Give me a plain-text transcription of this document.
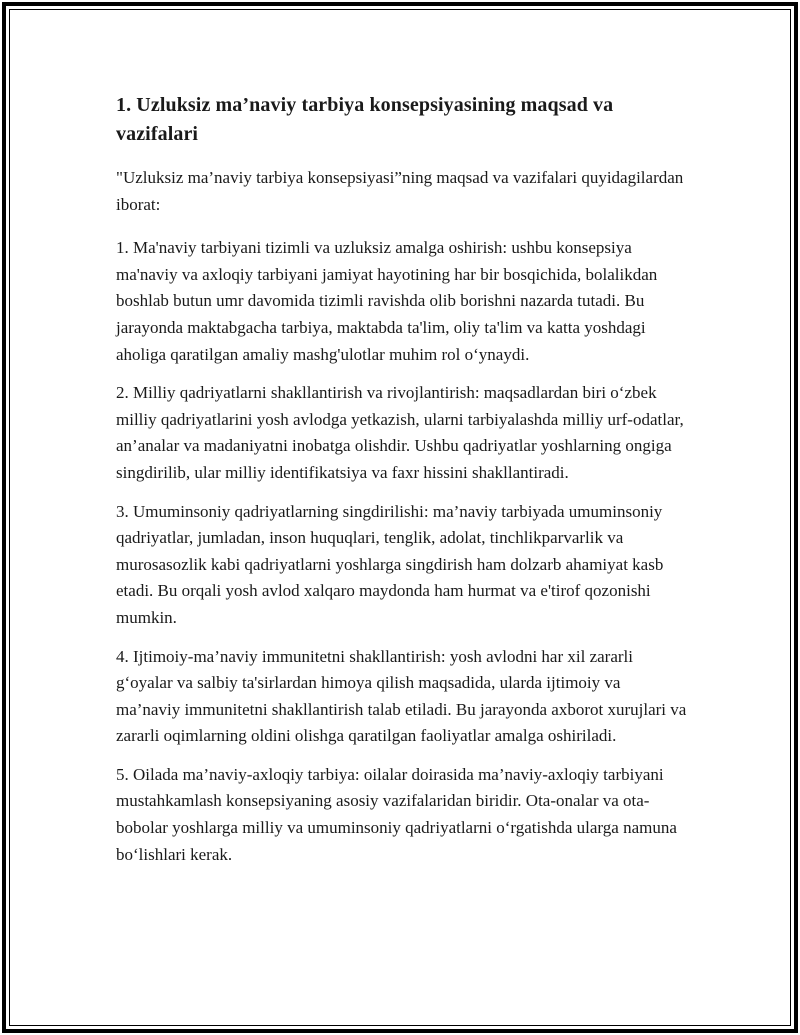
1. Uzluksiz ma’naviy tarbiya konsepsiyasining maqsad va vazifalari

"Uzluksiz ma’naviy tarbiya konsepsiyasi”ning maqsad va vazifalari quyidagilardan iborat:

1. Ma'naviy tarbiyani tizimli va uzluksiz amalga oshirish: ushbu konsepsiya ma'naviy va axloqiy tarbiyani jamiyat hayotining har bir bosqichida, bolalikdan boshlab butun umr davomida tizimli ravishda olib borishni nazarda tutadi. Bu jarayonda maktabgacha tarbiya, maktabda ta'lim, oliy ta'lim va katta yoshdagi aholiga qaratilgan amaliy mashg'ulotlar muhim rol oʻynaydi.

2. Milliy qadriyatlarni shakllantirish va rivojlantirish: maqsadlardan biri oʻzbek milliy qadriyatlarini yosh avlodga yetkazish, ularni tarbiyalashda milliy urf-odatlar, an’analar va madaniyatni inobatga olishdir. Ushbu qadriyatlar yoshlarning ongiga singdirilib, ular milliy identifikatsiya va faxr hissini shakllantiradi.

3. Umuminsoniy qadriyatlarning singdirilishi: ma’naviy tarbiyada umuminsoniy qadriyatlar, jumladan, inson huquqlari, tenglik, adolat, tinchlikparvarlik va murosasozlik kabi qadriyatlarni yoshlarga singdirish ham dolzarb ahamiyat kasb etadi. Bu orqali yosh avlod xalqaro maydonda ham hurmat va e'tirof qozonishi mumkin.

4. Ijtimoiy-ma’naviy immunitetni shakllantirish: yosh avlodni har xil zararli gʻoyalar va salbiy ta'sirlardan himoya qilish maqsadida, ularda ijtimoiy va ma’naviy immunitetni shakllantirish talab etiladi. Bu jarayonda axborot xurujlari va zararli oqimlarning oldini olishga qaratilgan faoliyatlar amalga oshiriladi.

5. Oilada ma’naviy-axloqiy tarbiya: oilalar doirasida ma’naviy-axloqiy tarbiyani mustahkamlash konsepsiyaning asosiy vazifalaridan biridir. Ota-onalar va ota-bobolar yoshlarga milliy va umuminsoniy qadriyatlarni oʻrgatishda ularga namuna boʻlishlari kerak.
